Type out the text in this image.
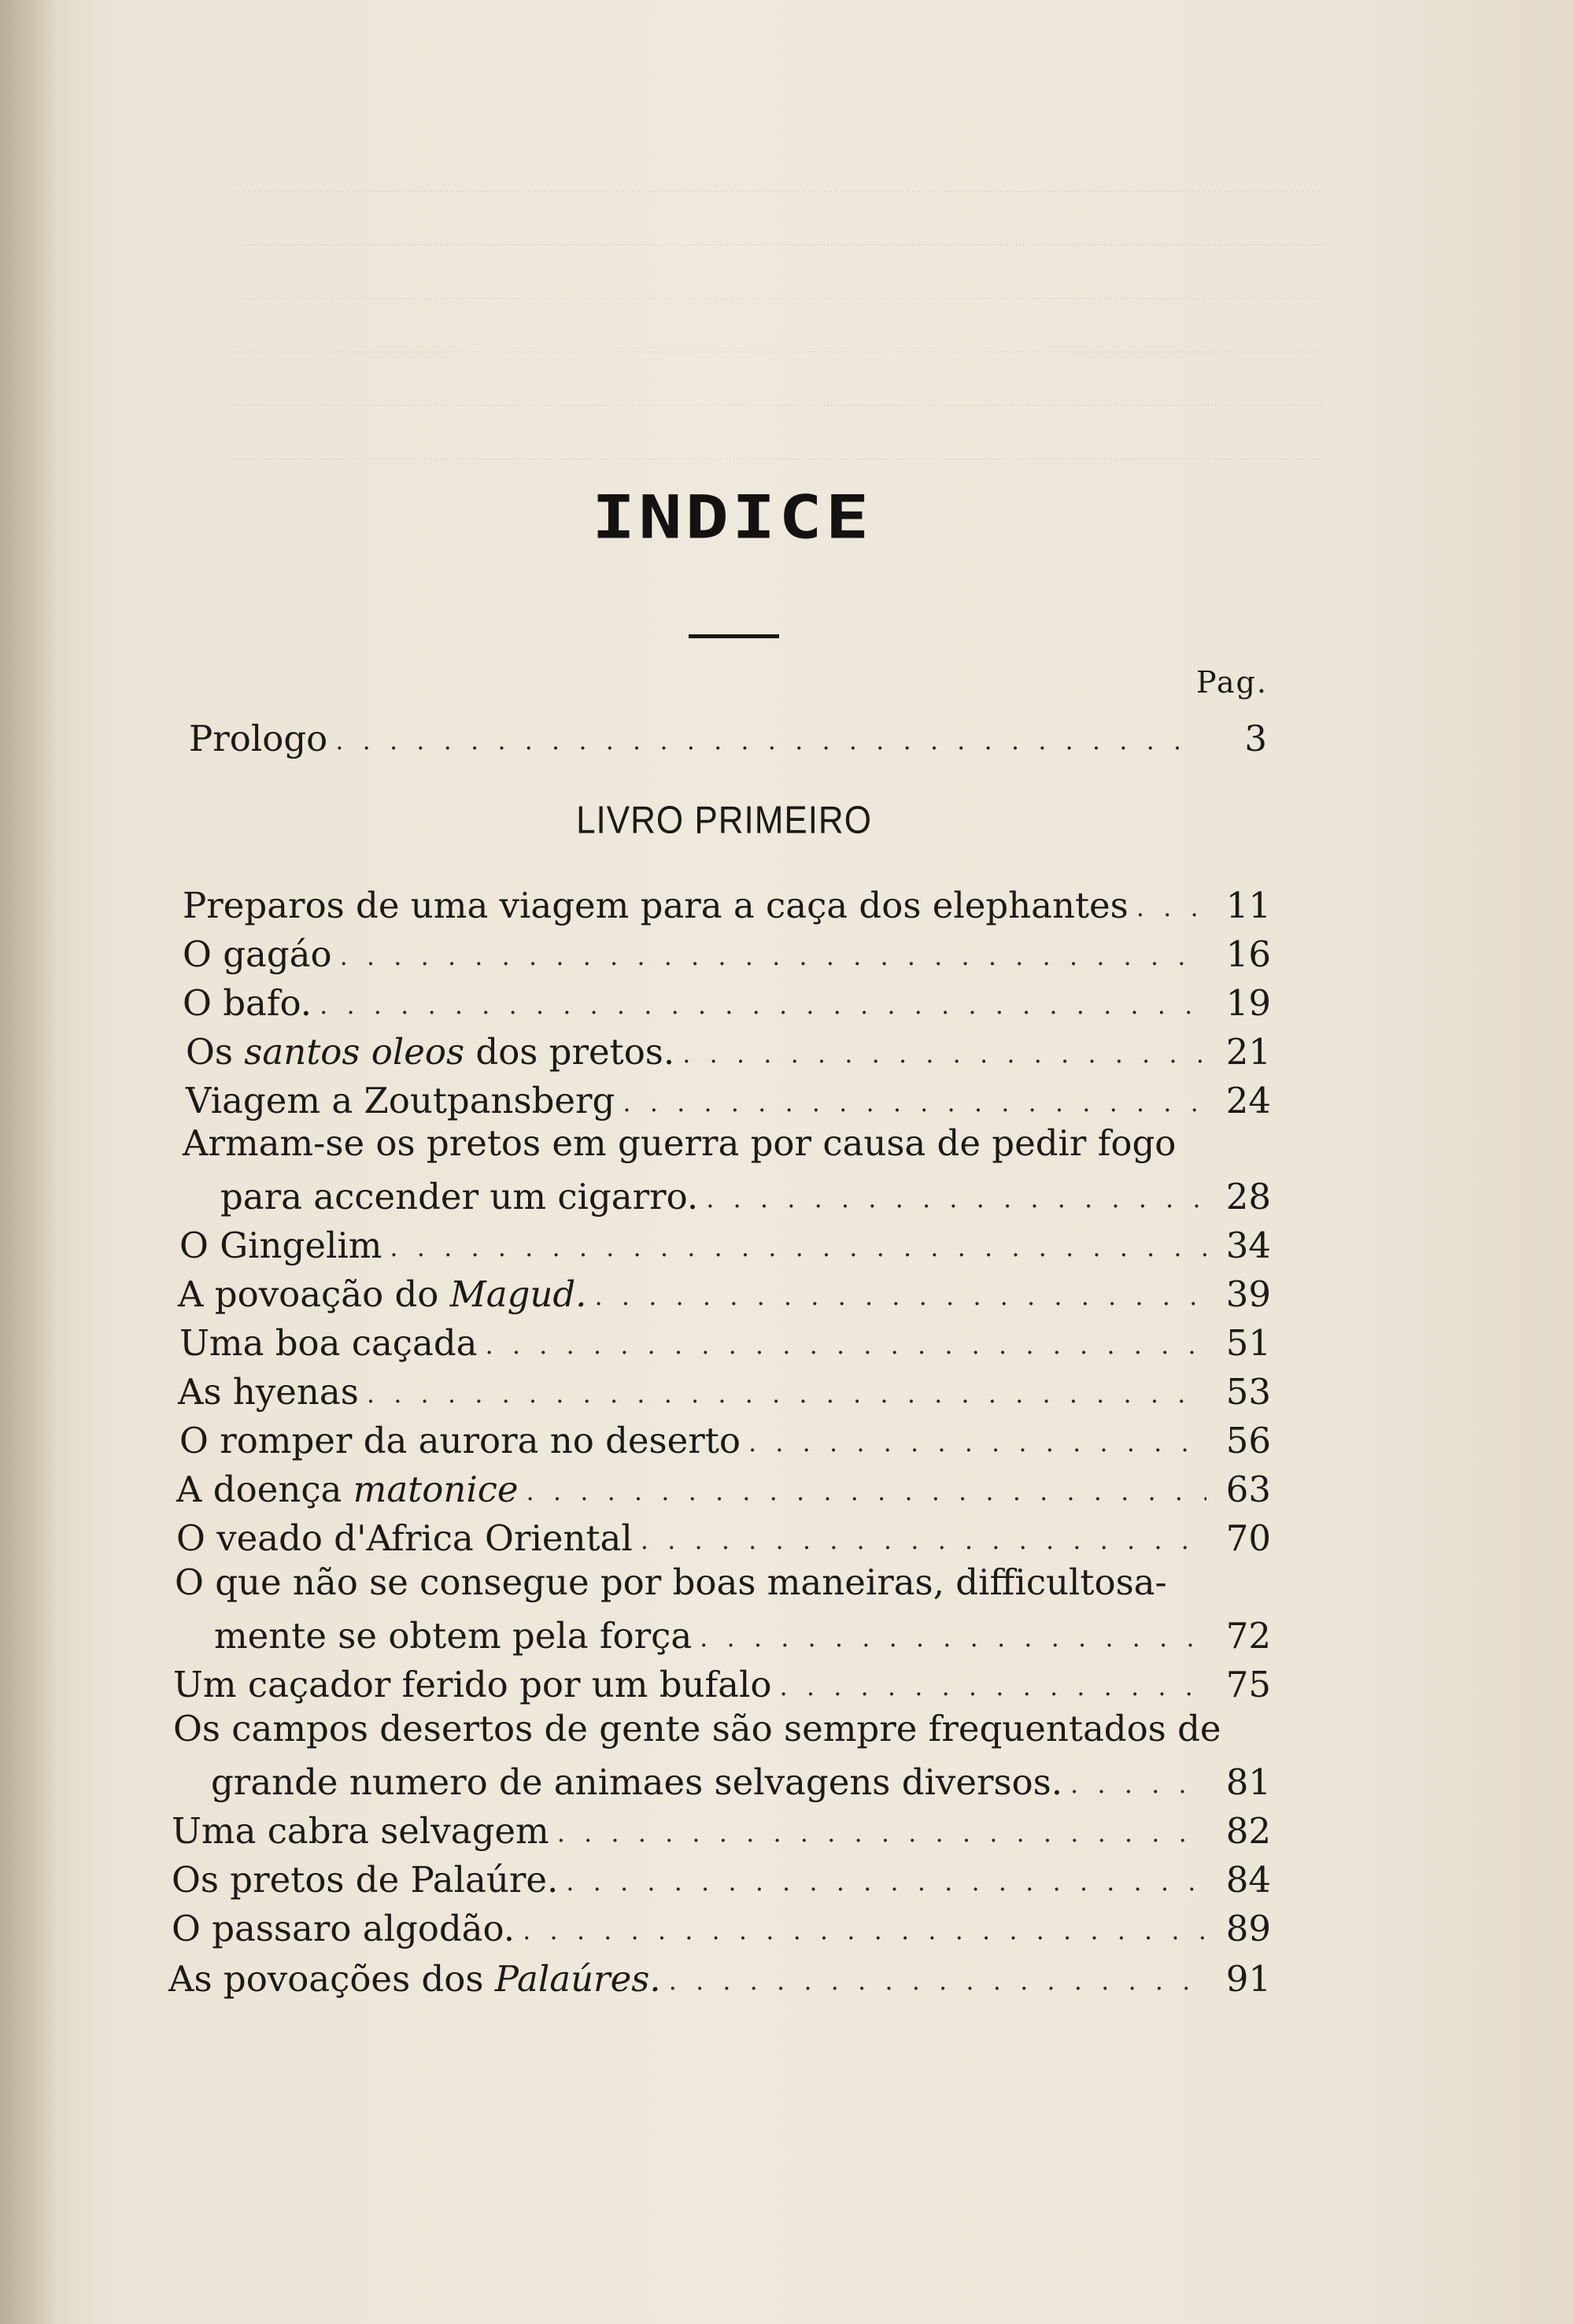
INDICE
Pag.
Prologo . . .	3
LIVRO PRIMEIRO
Preparos de uma viagem para a caça dos elephantes . . .	11
O gagáo . . .	16
O bafo. . . .	19
Os santos oleos dos pretos. . . .	21
Viagem a Zoutpansberg . . .	24
Armam-se os pretos em guerra por causa de pedir fogo
para accender um cigarro. . . .	28
O Gingelim . . .	34
A povoação do Magud. . . .	39
Uma boa caçada . . .	51
As hyenas . . .	53
O romper da aurora no deserto . . .	56
A doença matonice . . .	63
O veado d'Africa Oriental . . .	70
O que não se consegue por boas maneiras, difficultosa-
mente se obtem pela força . . .	72
Um caçador ferido por um bufalo . . .	75
Os campos desertos de gente são sempre frequentados de
grande numero de animaes selvagens diversos. . . .	81
Uma cabra selvagem . . .	82
Os pretos de Palaúre. . . .	84
O passaro algodão. . . .	89
As povoações dos Palaúres. . . .	91
